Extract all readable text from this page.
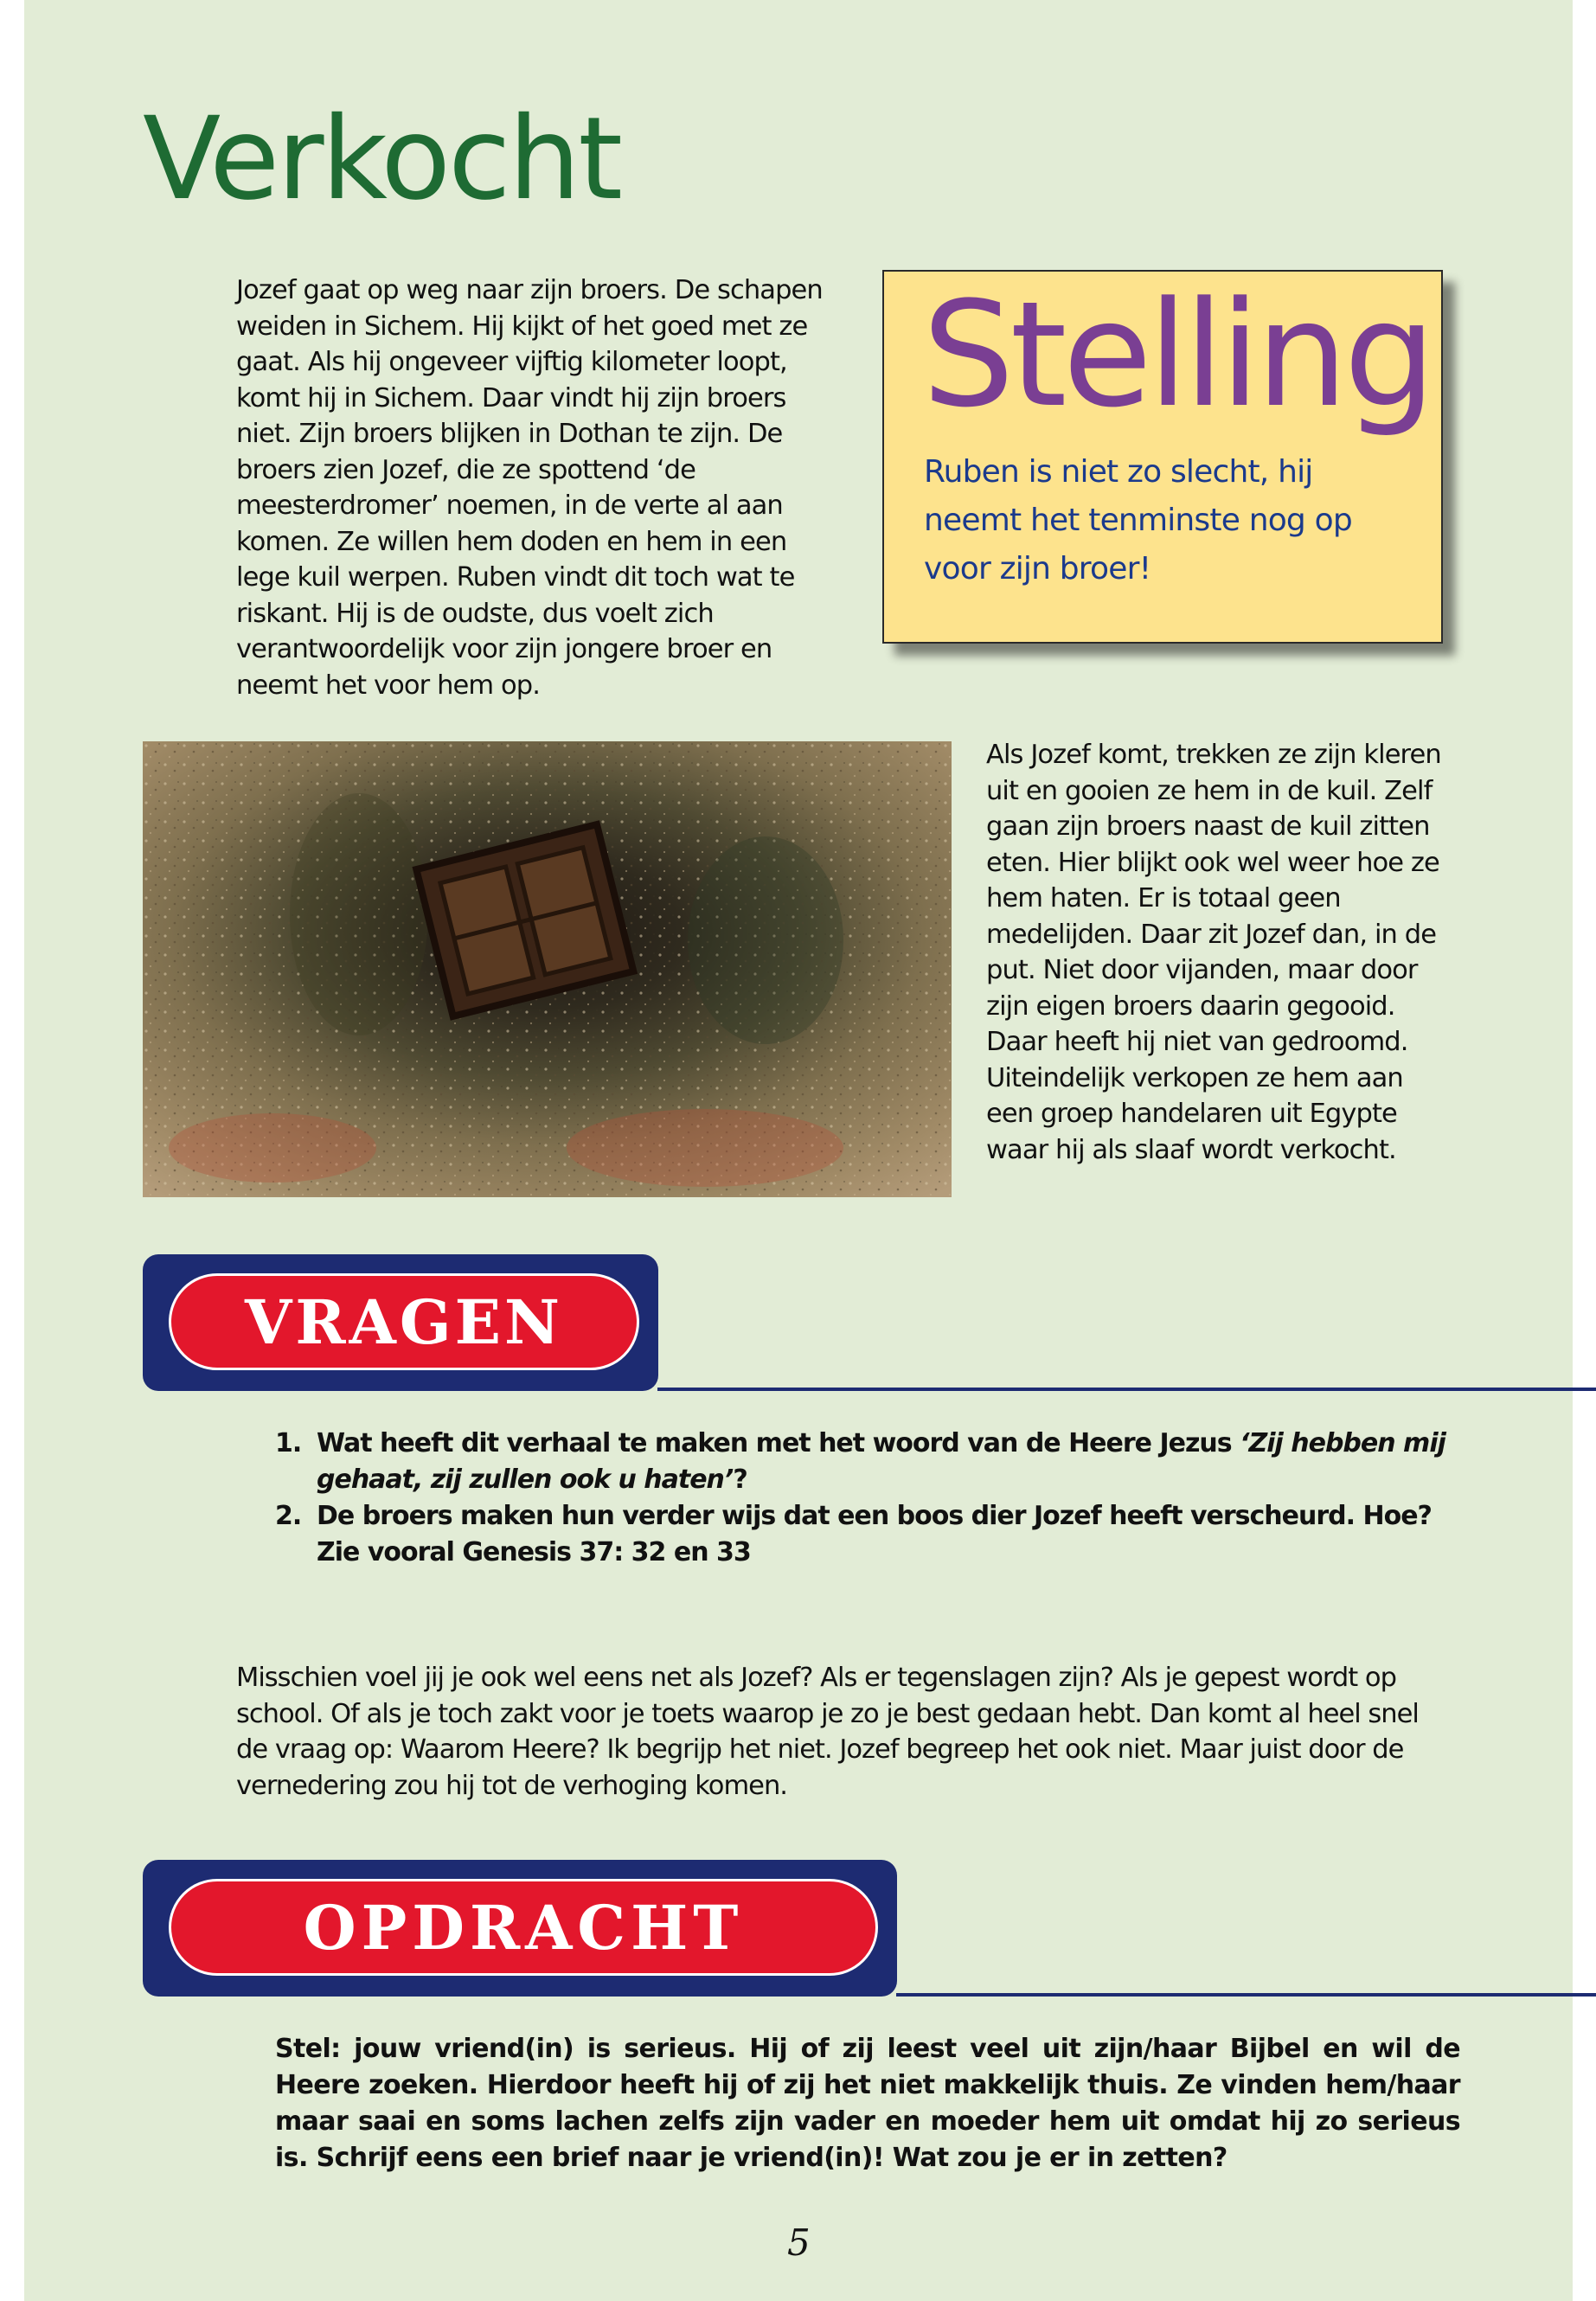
Verkocht
Jozef gaat op weg naar zijn broers. De schapen weiden in Sichem. Hij kijkt of het goed met ze gaat. Als hij ongeveer vijftig kilometer loopt, komt hij in Sichem. Daar vindt hij zijn broers niet. Zijn broers blijken in Dothan te zijn. De broers zien Jozef, die ze spottend ‘de meesterdromer’ noemen, in de verte al aan komen. Ze willen hem doden en hem in een lege kuil werpen. Ruben vindt dit toch wat te riskant. Hij is de oudste, dus voelt zich verantwoordelijk voor zijn jongere broer en neemt het voor hem op.
Stelling
Ruben is niet zo slecht, hij neemt het tenminste nog op voor zijn broer!
Als Jozef komt, trekken ze zijn kleren uit en gooien ze hem in de kuil. Zelf gaan zijn broers naast de kuil zitten eten. Hier blijkt ook wel weer hoe ze hem haten. Er is totaal geen medelijden. Daar zit Jozef dan, in de put. Niet door vijanden, maar door zijn eigen broers daarin gegooid. Daar heeft hij niet van gedroomd. Uiteindelijk verkopen ze hem aan een groep handelaren uit Egypte waar hij als slaaf wordt verkocht.
VRAGEN
1. Wat heeft dit verhaal te maken met het woord van de Heere Jezus ‘Zij hebben mij gehaat, zij zullen ook u haten’?
2. De broers maken hun verder wijs dat een boos dier Jozef heeft verscheurd. Hoe? Zie vooral Genesis 37: 32 en 33
Misschien voel jij je ook wel eens net als Jozef? Als er tegenslagen zijn? Als je gepest wordt op school. Of als je toch zakt voor je toets waarop je zo je best gedaan hebt. Dan komt al heel snel de vraag op: Waarom Heere? Ik begrijp het niet. Jozef begreep het ook niet. Maar juist door de vernedering zou hij tot de verhoging komen.
OPDRACHT
Stel: jouw vriend(in) is serieus. Hij of zij leest veel uit zijn/haar Bijbel en wil de Heere zoeken. Hierdoor heeft hij of zij het niet makkelijk thuis. Ze vinden hem/haar maar saai en soms lachen zelfs zijn vader en moeder hem uit omdat hij zo serieus is. Schrijf eens een brief naar je vriend(in)! Wat zou je er in zetten?
5
